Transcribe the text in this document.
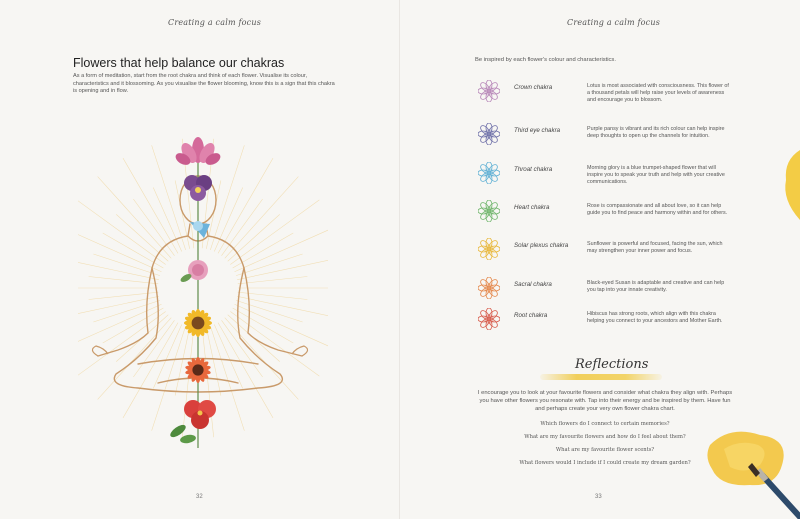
Creating a calm focus
Flowers that help balance our chakras
As a form of meditation, start from the root chakra and think of each flower. Visualise its colour, characteristics and it blossoming. As you visualise the flower blooming, know this is a sign that this chakra is opening and in flow.
32
Creating a calm focus
Be inspired by each flower's colour and characteristics.
Crown chakra	Lotus is most associated with consciousness. This flower of a thousand petals will help raise your levels of awareness and encourage you to blossom.
Third eye chakra	Purple pansy is vibrant and its rich colour can help inspire deep thoughts to open up the channels for intuition.
Throat chakra	Morning glory is a blue trumpet-shaped flower that will inspire you to speak your truth and help with your creative communications.
Heart chakra	Rose is compassionate and all about love, so it can help guide you to find peace and harmony within and for others.
Solar plexus chakra	Sunflower is powerful and focused, facing the sun, which may strengthen your inner power and focus.
Sacral chakra	Black-eyed Susan is adaptable and creative and can help you tap into your innate creativity.
Root chakra	Hibiscus has strong roots, which align with this chakra helping you connect to your ancestors and Mother Earth.
Reflections
I encourage you to look at your favourite flowers and consider what chakra they align with. Perhaps you have other flowers you resonate with. Tap into their energy and be inspired by them. Have fun and perhaps create your very own flower chakra chart.
Which flowers do I connect to certain memories?
What are my favourite flowers and how do I feel about them?
What are my favourite flower scents?
What flowers would I include if I could create my dream garden?
33
